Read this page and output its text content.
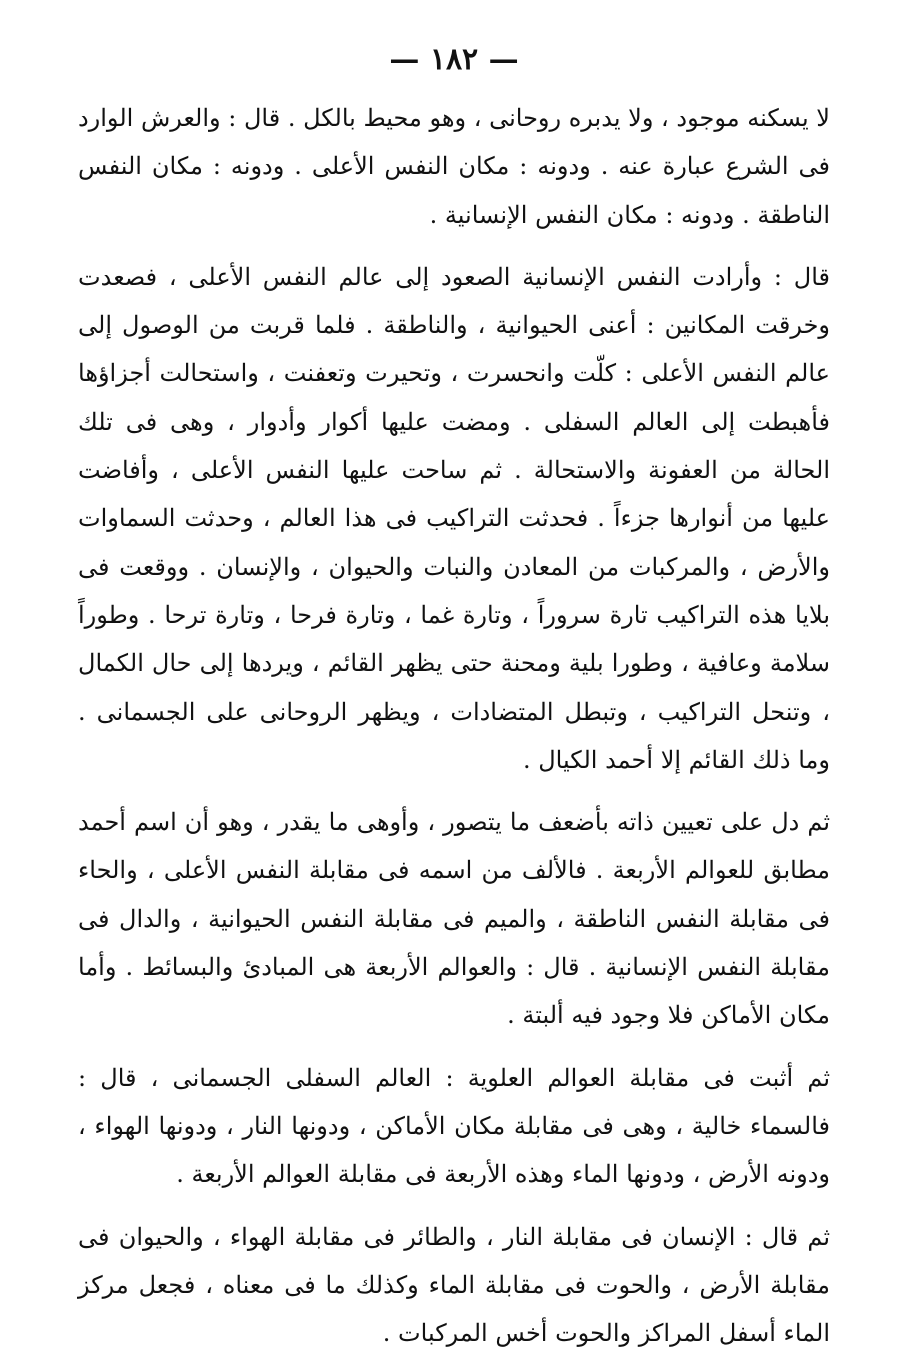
— ١٨٢ —

لا يسكنه موجود ، ولا يدبره روحانى ، وهو محيط بالكل . قال : والعرش الوارد فى الشرع عبارة عنه . ودونه : مكان النفس الأعلى . ودونه : مكان النفس الناطقة . ودونه : مكان النفس الإنسانية .

قال : وأرادت النفس الإنسانية الصعود إلى عالم النفس الأعلى ، فصعدت وخرقت المكانين : أعنى الحيوانية ، والناطقة . فلما قربت من الوصول إلى عالم النفس الأعلى : كلّت وانحسرت ، وتحيرت وتعفنت ، واستحالت أجزاؤها فأهبطت إلى العالم السفلى . ومضت عليها أكوار وأدوار ، وهى فى تلك الحالة من العفونة والاستحالة . ثم ساحت عليها النفس الأعلى ، وأفاضت عليها من أنوارها جزءاً . فحدثت التراكيب فى هذا العالم ، وحدثت السماوات والأرض ، والمركبات من المعادن والنبات والحيوان ، والإنسان . ووقعت فى بلايا هذه التراكيب تارة سروراً ، وتارة غما ، وتارة فرحا ، وتارة ترحا . وطوراً سلامة وعافية ، وطورا بلية ومحنة حتى يظهر القائم ، ويردها إلى حال الكمال ، وتنحل التراكيب ، وتبطل المتضادات ، ويظهر الروحانى على الجسمانى . وما ذلك القائم إلا أحمد الكيال .

ثم دل على تعيين ذاته بأضعف ما يتصور ، وأوهى ما يقدر ، وهو أن اسم أحمد مطابق للعوالم الأربعة . فالألف من اسمه فى مقابلة النفس الأعلى ، والحاء فى مقابلة النفس الناطقة ، والميم فى مقابلة النفس الحيوانية ، والدال فى مقابلة النفس الإنسانية . قال : والعوالم الأربعة هى المبادئ والبسائط . وأما مكان الأماكن فلا وجود فيه ألبتة .

ثم أثبت فى مقابلة العوالم العلوية : العالم السفلى الجسمانى ، قال : فالسماء خالية ، وهى فى مقابلة مكان الأماكن ، ودونها النار ، ودونها الهواء ، ودونه الأرض ، ودونها الماء وهذه الأربعة فى مقابلة العوالم الأربعة .

ثم قال : الإنسان فى مقابلة النار ، والطائر فى مقابلة الهواء ، والحيوان فى مقابلة الأرض ، والحوت فى مقابلة الماء وكذلك ما فى معناه ، فجعل مركز الماء أسفل المراكز والحوت أخس المركبات .
